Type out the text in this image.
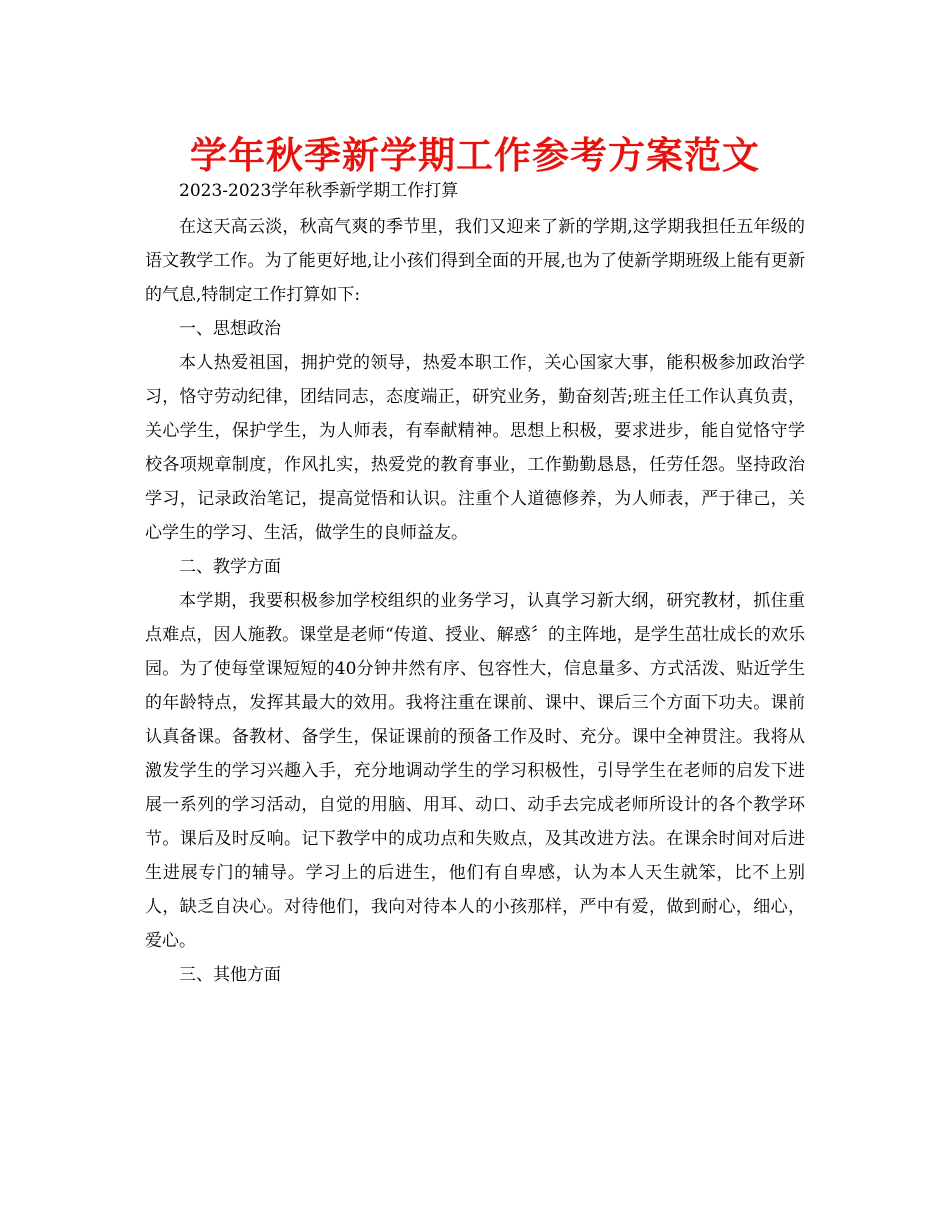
学年秋季新学期工作参考方案范文

2023-2023学年秋季新学期工作打算

在这天高云淡，秋高气爽的季节里，我们又迎来了新的学期,这学期我担任五年级的语文教学工作。为了能更好地,让小孩们得到全面的开展,也为了使新学期班级上能有更新的气息,特制定工作打算如下:

一、思想政治

本人热爱祖国，拥护党的领导，热爱本职工作，关心国家大事，能积极参加政治学习，恪守劳动纪律，团结同志，态度端正，研究业务，勤奋刻苦;班主任工作认真负责，关心学生，保护学生，为人师表，有奉献精神。思想上积极，要求进步，能自觉恪守学校各项规章制度，作风扎实，热爱党的教育事业，工作勤勤恳恳，任劳任怨。坚持政治学习，记录政治笔记，提高觉悟和认识。注重个人道德修养，为人师表，严于律己，关心学生的学习、生活，做学生的良师益友。

二、教学方面

本学期，我要积极参加学校组织的业务学习，认真学习新大纲，研究教材，抓住重点难点，因人施教。课堂是老师“传道、授业、解惑〞的主阵地，是学生茁壮成长的欢乐园。为了使每堂课短短的40分钟井然有序、包容性大，信息量多、方式活泼、贴近学生的年龄特点，发挥其最大的效用。我将注重在课前、课中、课后三个方面下功夫。课前认真备课。备教材、备学生，保证课前的预备工作及时、充分。课中全神贯注。我将从激发学生的学习兴趣入手，充分地调动学生的学习积极性，引导学生在老师的启发下进展一系列的学习活动，自觉的用脑、用耳、动口、动手去完成老师所设计的各个教学环节。课后及时反响。记下教学中的成功点和失败点，及其改进方法。在课余时间对后进生进展专门的辅导。学习上的后进生，他们有自卑感，认为本人天生就笨，比不上别人，缺乏自决心。对待他们，我向对待本人的小孩那样，严中有爱，做到耐心，细心，爱心。

三、其他方面
